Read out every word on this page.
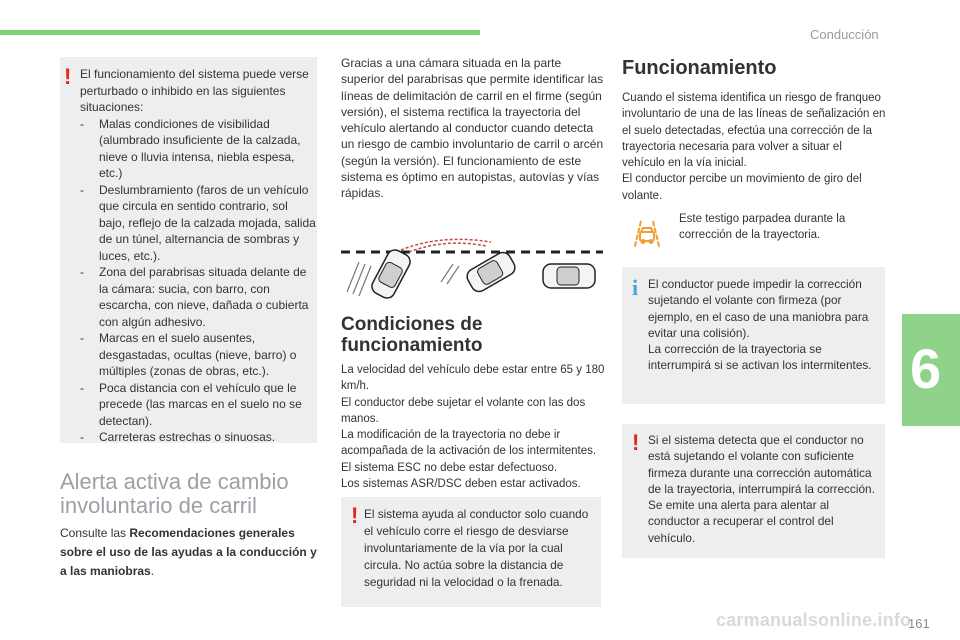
Conducción
6
! El funcionamiento del sistema puede verse perturbado o inhibido en las siguientes situaciones:

- Malas condiciones de visibilidad (alumbrado insuficiente de la calzada, nieve o lluvia intensa, niebla espesa, etc.)
- Deslumbramiento (faros de un vehículo que circula en sentido contrario, sol bajo, reflejo de la calzada mojada, salida de un túnel, alternancia de sombras y luces, etc.).
- Zona del parabrisas situada delante de la cámara: sucia, con barro, con escarcha, con nieve, dañada o cubierta con algún adhesivo.
- Marcas en el suelo ausentes, desgastadas, ocultas (nieve, barro) o múltiples (zonas de obras, etc.).
- Poca distancia con el vehículo que le precede (las marcas en el suelo no se detectan).
- Carreteras estrechas o sinuosas.
Alerta activa de cambio involuntario de carril

Consulte las Recomendaciones generales sobre el uso de las ayudas a la conducción y a las maniobras.

Gracias a una cámara situada en la parte superior del parabrisas que permite identificar las líneas de delimitación de carril en el firme (según versión), el sistema rectifica la trayectoria del vehículo alertando al conductor cuando detecta un riesgo de cambio involuntario de carril o arcén (según la versión). El funcionamiento de este sistema es óptimo en autopistas, autovías y vías rápidas.

Condiciones de funcionamiento

La velocidad del vehículo debe estar entre 65 y 180 km/h.
El conductor debe sujetar el volante con las dos manos.
La modificación de la trayectoria no debe ir acompañada de la activación de los intermitentes.
El sistema ESC no debe estar defectuoso.
Los sistemas ASR/DSC deben estar activados.

! El sistema ayuda al conductor solo cuando el vehículo corre el riesgo de desviarse involuntariamente de la vía por la cual circula. No actúa sobre la distancia de seguridad ni la velocidad o la frenada.

Funcionamiento

Cuando el sistema identifica un riesgo de franqueo involuntario de una de las líneas de señalización en el suelo detectadas, efectúa una corrección de la trayectoria necesaria para volver a situar el vehículo en la vía inicial.
El conductor percibe un movimiento de giro del volante.

Este testigo parpadea durante la corrección de la trayectoria.

i El conductor puede impedir la corrección sujetando el volante con firmeza (por ejemplo, en el caso de una maniobra para evitar una colisión).
La corrección de la trayectoria se interrumpirá si se activan los intermitentes.

! Si el sistema detecta que el conductor no está sujetando el volante con suficiente firmeza durante una corrección automática de la trayectoria, interrumpirá la corrección. Se emite una alerta para alentar al conductor a recuperar el control del vehículo.

carmanualsonline.info
161
